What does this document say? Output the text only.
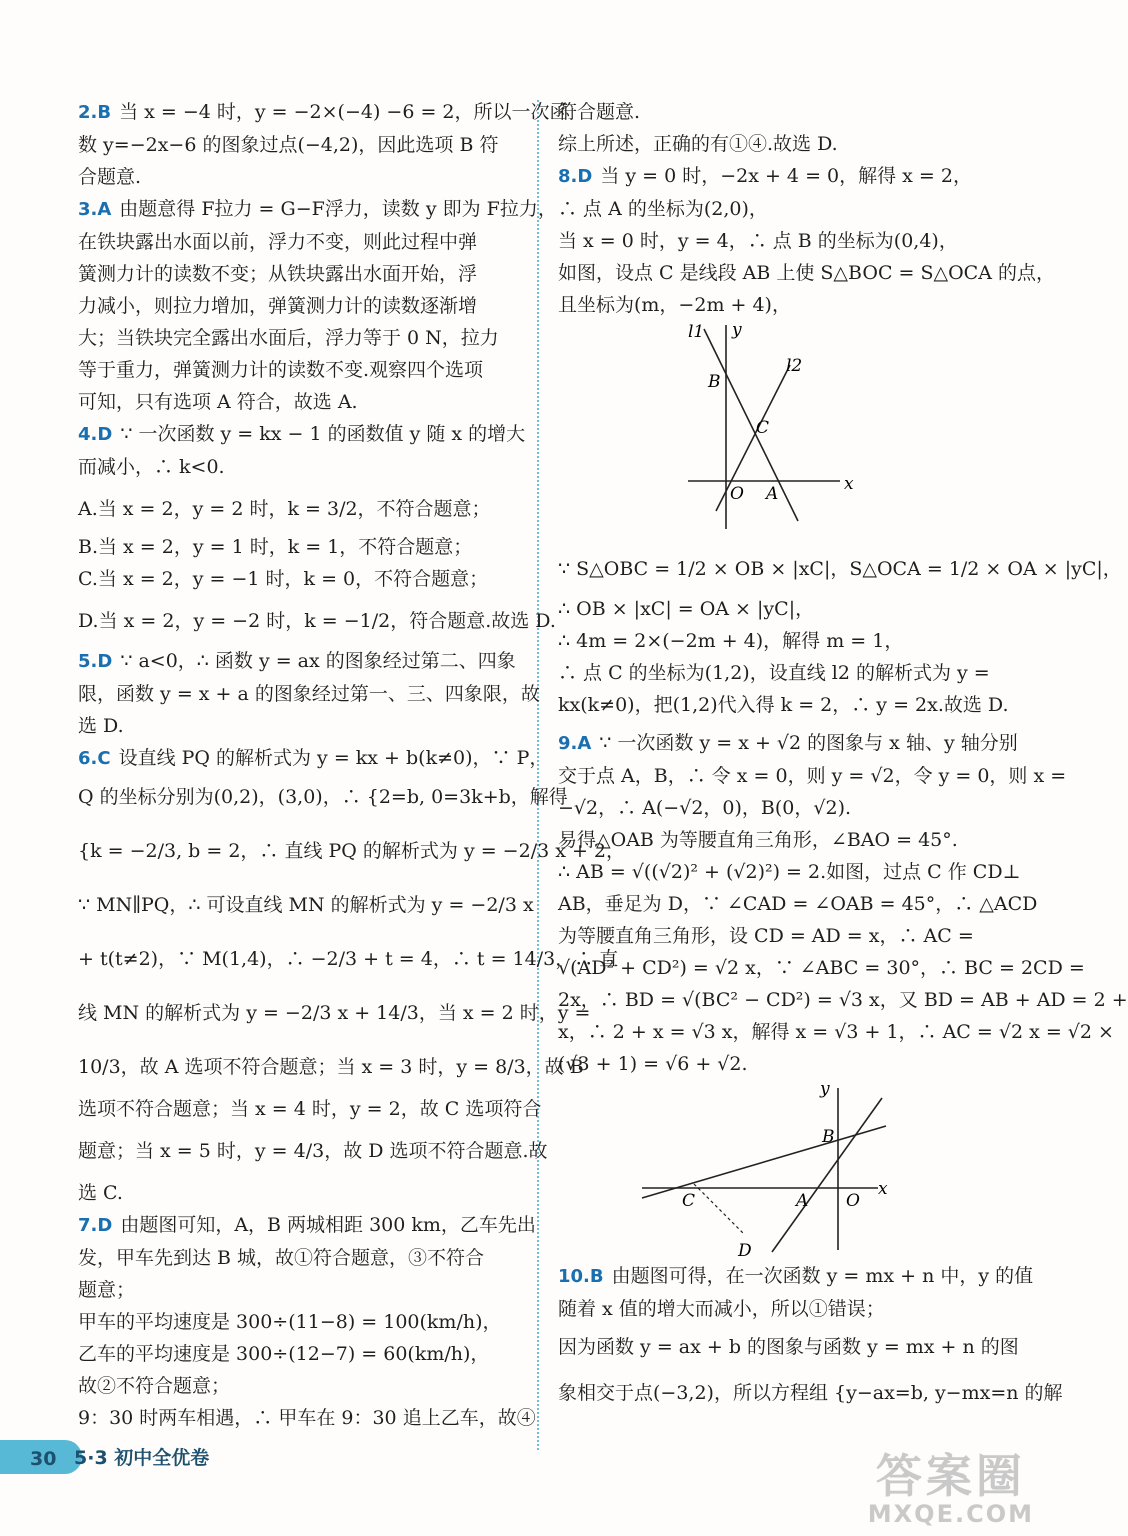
2.B 当 x = −4 时，y = −2×(−4) −6 = 2，所以一次函
数 y=−2x−6 的图象过点(−4,2)，因此选项 B 符
合题意.
3.A 由题意得 F拉力 = G−F浮力，读数 y 即为 F拉力，
在铁块露出水面以前，浮力不变，则此过程中弹
簧测力计的读数不变；从铁块露出水面开始，浮
力减小，则拉力增加，弹簧测力计的读数逐渐增
大；当铁块完全露出水面后，浮力等于 0 N，拉力
等于重力，弹簧测力计的读数不变.观察四个选项
可知，只有选项 A 符合，故选 A.
4.D ∵ 一次函数 y = kx − 1 的函数值 y 随 x 的增大
而减小，∴ k<0.
A.当 x = 2，y = 2 时，k = 3/2，不符合题意；
B.当 x = 2，y = 1 时，k = 1，不符合题意；
C.当 x = 2，y = −1 时，k = 0，不符合题意；
D.当 x = 2，y = −2 时，k = −1/2，符合题意.故选 D.
5.D ∵ a<0，∴ 函数 y = ax 的图象经过第二、四象
限，函数 y = x + a 的图象经过第一、三、四象限，故
选 D.
6.C 设直线 PQ 的解析式为 y = kx + b(k≠0)，∵ P，
Q 的坐标分别为(0,2)，(3,0)，∴ {2=b, 0=3k+b，解得
{k = −2/3, b = 2，∴ 直线 PQ 的解析式为 y = −2/3 x + 2，
∵ MN∥PQ，∴ 可设直线 MN 的解析式为 y = −2/3 x
+ t(t≠2)，∵ M(1,4)，∴ −2/3 + t = 4，∴ t = 14/3，∴ 直
线 MN 的解析式为 y = −2/3 x + 14/3，当 x = 2 时，y =
10/3，故 A 选项不符合题意；当 x = 3 时，y = 8/3，故 B
选项不符合题意；当 x = 4 时，y = 2，故 C 选项符合
题意；当 x = 5 时，y = 4/3，故 D 选项不符合题意.故
选 C.
7.D 由题图可知，A，B 两城相距 300 km，乙车先出
发，甲车先到达 B 城，故①符合题意，③不符合
题意；
甲车的平均速度是 300÷(11−8) = 100(km/h)，
乙车的平均速度是 300÷(12−7) = 60(km/h)，
故②不符合题意；
9：30 时两车相遇，∴ 甲车在 9：30 追上乙车，故④
符合题意.
综上所述，正确的有①④.故选 D.
8.D 当 y = 0 时，−2x + 4 = 0，解得 x = 2，
∴ 点 A 的坐标为(2,0)，
当 x = 0 时，y = 4，∴ 点 B 的坐标为(0,4)，
如图，设点 C 是线段 AB 上使 S△BOC = S△OCA 的点，
且坐标为(m，−2m + 4)，
l1 y
l2
B
C
O A	x
∵ S△OBC = 1/2 × OB × |xC|，S△OCA = 1/2 × OA × |yC|，
∴ OB × |xC| = OA × |yC|，
∴ 4m = 2×(−2m + 4)，解得 m = 1，
∴ 点 C 的坐标为(1,2)，设直线 l2 的解析式为 y =
kx(k≠0)，把(1,2)代入得 k = 2，∴ y = 2x.故选 D.
9.A ∵ 一次函数 y = x + √2 的图象与 x 轴、y 轴分别
交于点 A，B，∴ 令 x = 0，则 y = √2，令 y = 0，则 x =
−√2，∴ A(−√2，0)，B(0，√2).
易得△OAB 为等腰直角三角形，∠BAO = 45°.
∴ AB = √((√2)² + (√2)²) = 2.如图，过点 C 作 CD⊥
AB，垂足为 D，∵ ∠CAD = ∠OAB = 45°，∴ △ACD
为等腰直角三角形，设 CD = AD = x，∴ AC =
√(AD² + CD²) = √2 x，∵ ∠ABC = 30°，∴ BC = 2CD =
2x，∴ BD = √(BC² − CD²) = √3 x，又 BD = AB + AD = 2 +
x，∴ 2 + x = √3 x，解得 x = √3 + 1，∴ AC = √2 x = √2 ×
(√3 + 1) = √6 + √2.
y
B
C	A O
x
D
10.B 由题图可得，在一次函数 y = mx + n 中，y 的值
随着 x 值的增大而减小，所以①错误；
因为函数 y = ax + b 的图象与函数 y = mx + n 的图
象相交于点(−3,2)，所以方程组 {y−ax=b, y−mx=n 的解
30 5·3 初中全优卷	答案圈
MXQE.COM
